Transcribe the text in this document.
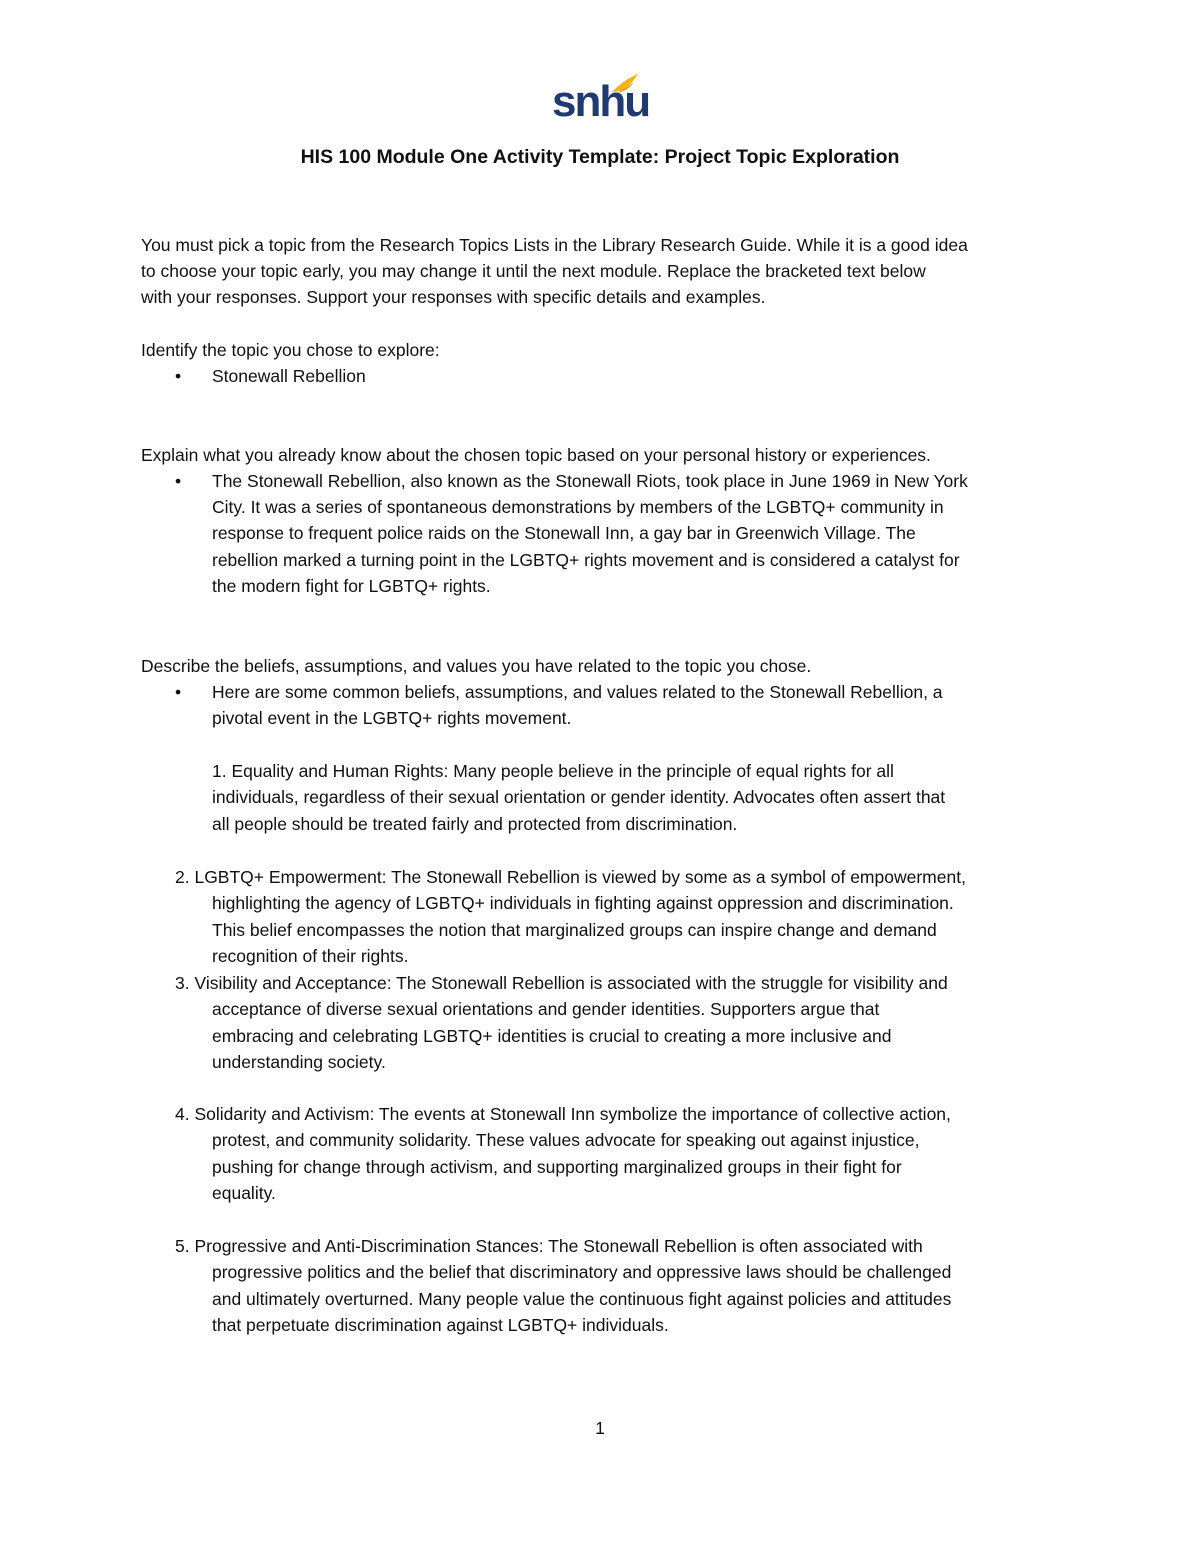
snhu
HIS 100 Module One Activity Template: Project Topic Exploration
You must pick a topic from the Research Topics Lists in the Library Research Guide. While it is a good idea
to choose your topic early, you may change it until the next module. Replace the bracketed text below
with your responses. Support your responses with specific details and examples.
Identify the topic you chose to explore:
• Stonewall Rebellion
Explain what you already know about the chosen topic based on your personal history or experiences.
• The Stonewall Rebellion, also known as the Stonewall Riots, took place in June 1969 in New York
City. It was a series of spontaneous demonstrations by members of the LGBTQ+ community in
response to frequent police raids on the Stonewall Inn, a gay bar in Greenwich Village. The
rebellion marked a turning point in the LGBTQ+ rights movement and is considered a catalyst for
the modern fight for LGBTQ+ rights.
Describe the beliefs, assumptions, and values you have related to the topic you chose.
• Here are some common beliefs, assumptions, and values related to the Stonewall Rebellion, a
pivotal event in the LGBTQ+ rights movement.
1. Equality and Human Rights: Many people believe in the principle of equal rights for all
individuals, regardless of their sexual orientation or gender identity. Advocates often assert that
all people should be treated fairly and protected from discrimination.
2. LGBTQ+ Empowerment: The Stonewall Rebellion is viewed by some as a symbol of empowerment,
highlighting the agency of LGBTQ+ individuals in fighting against oppression and discrimination.
This belief encompasses the notion that marginalized groups can inspire change and demand
recognition of their rights.
3. Visibility and Acceptance: The Stonewall Rebellion is associated with the struggle for visibility and
acceptance of diverse sexual orientations and gender identities. Supporters argue that
embracing and celebrating LGBTQ+ identities is crucial to creating a more inclusive and
understanding society.
4. Solidarity and Activism: The events at Stonewall Inn symbolize the importance of collective action,
protest, and community solidarity. These values advocate for speaking out against injustice,
pushing for change through activism, and supporting marginalized groups in their fight for
equality.
5. Progressive and Anti-Discrimination Stances: The Stonewall Rebellion is often associated with
progressive politics and the belief that discriminatory and oppressive laws should be challenged
and ultimately overturned. Many people value the continuous fight against policies and attitudes
that perpetuate discrimination against LGBTQ+ individuals.
1
